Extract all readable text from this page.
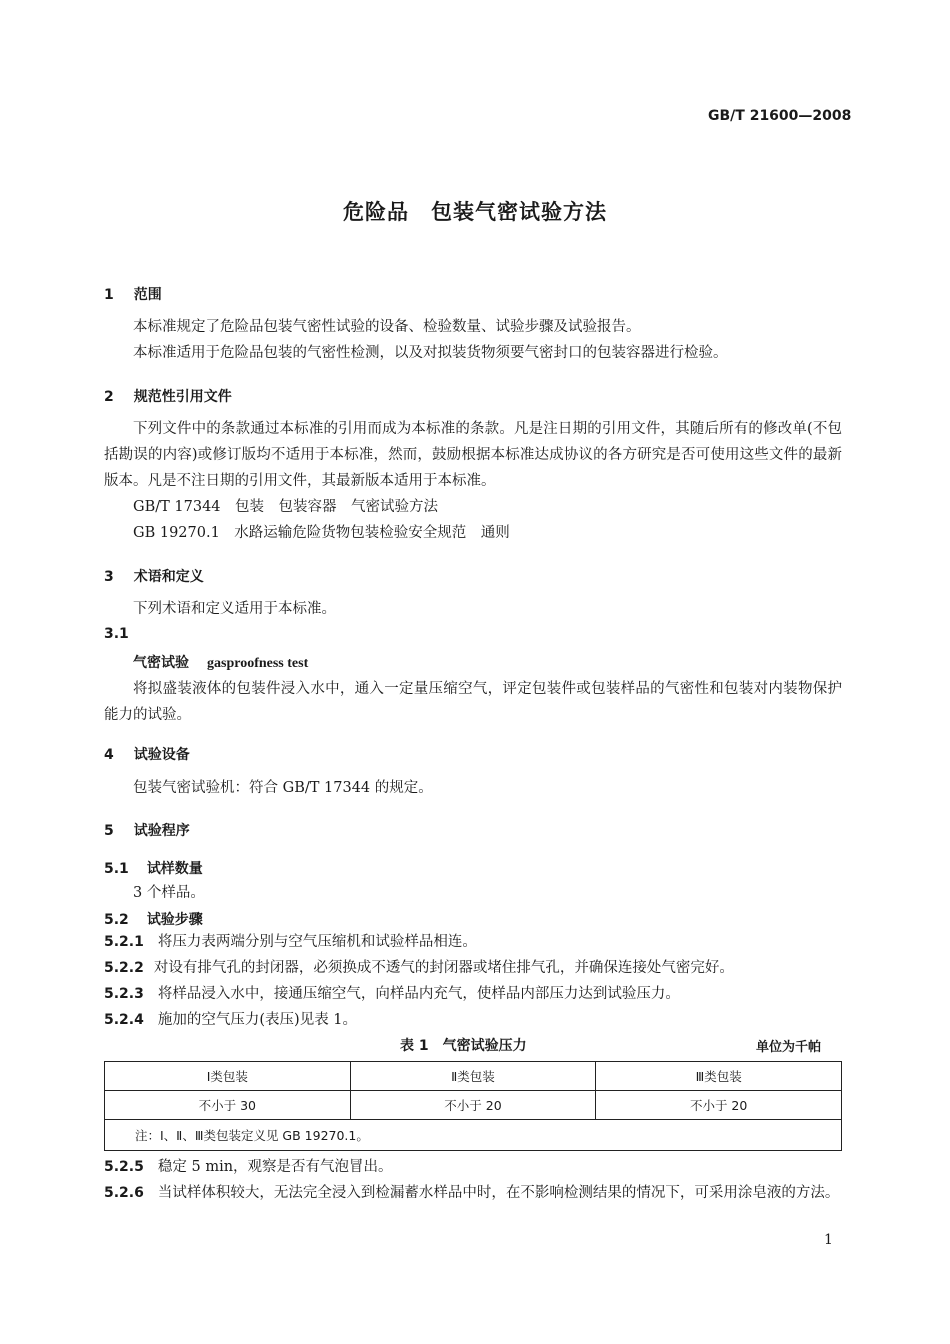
GB/T 21600—2008
危险品　包装气密试验方法
1 范围
本标准规定了危险品包装气密性试验的设备、检验数量、试验步骤及试验报告。
本标准适用于危险品包装的气密性检测，以及对拟装货物须要气密封口的包装容器进行检验。
2 规范性引用文件
下列文件中的条款通过本标准的引用而成为本标准的条款。凡是注日期的引用文件，其随后所有的修改单(不包括勘误的内容)或修订版均不适用于本标准，然而，鼓励根据本标准达成协议的各方研究是否可使用这些文件的最新版本。凡是不注日期的引用文件，其最新版本适用于本标准。
GB/T 17344　包装　包装容器　气密试验方法
GB 19270.1　水路运输危险货物包装检验安全规范　通则
3 术语和定义
下列术语和定义适用于本标准。
3.1
气密试验 gasproofness test
将拟盛装液体的包装件浸入水中，通入一定量压缩空气，评定包装件或包装样品的气密性和包装对内装物保护能力的试验。
4 试验设备
包装气密试验机：符合 GB/T 17344 的规定。
5 试验程序
5.1 试样数量
3 个样品。
5.2 试验步骤
5.2.1 将压力表两端分别与空气压缩机和试验样品相连。
5.2.2 对设有排气孔的封闭器，必须换成不透气的封闭器或堵住排气孔，并确保连接处气密完好。
5.2.3 将样品浸入水中，接通压缩空气，向样品内充气，使样品内部压力达到试验压力。
5.2.4 施加的空气压力(表压)见表 1。
表 1　气密试验压力	单位为千帕
Ⅰ类包装	Ⅱ类包装	Ⅲ类包装
不小于 30	不小于 20	不小于 20
注：Ⅰ、Ⅱ、Ⅲ类包装定义见 GB 19270.1。		
5.2.5 稳定 5 min，观察是否有气泡冒出。
5.2.6 当试样体积较大，无法完全浸入到检漏蓄水样品中时，在不影响检测结果的情况下，可采用涂皂液的方法。
1
